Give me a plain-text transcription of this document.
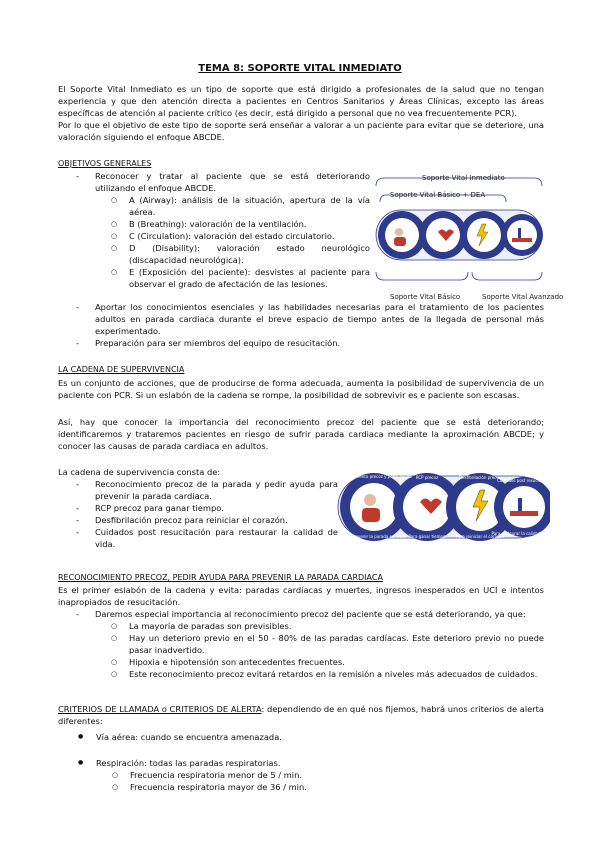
TEMA 8: SOPORTE VITAL INMEDIATO

El Soporte Vital Inmediato es un tipo de soporte que está dirigido a profesionales de la salud que no tengan experiencia y que den atención directa a pacientes en Centros Sanitarios y Áreas Clínicas, excepto las áreas específicas de atención al paciente crítico (es decir, está dirigido a personal que no vea frecuentemente PCR).

Por lo que el objetivo de este tipo de soporte será enseñar a valorar a un paciente para evitar que se deteriore, una valoración siguiendo el enfoque ABCDE.

OBJETIVOS GENERALES
- Reconocer y tratar al paciente que se está deteriorando utilizando el enfoque ABCDE.
○ A (Airway): análisis de la situación, apertura de la vía aérea.
○ B (Breathing): valoración de la ventilación.
○ C (Circulation): valoración del estado circulatorio.
○ D (Disability): valoración estado neurológico (discapacidad neurológica).
○ E (Exposición del paciente): desvistes al paciente para observar el grado de afectación de las lesiones.
- Aportar los conocimientos esenciales y las habilidades necesarias para el tratamiento de los pacientes adultos en parada cardiaca durante el breve espacio de tiempo antes de la llegada de personal más experimentado.
- Preparación para ser miembros del equipo de resucitación.
Soporte Vital Inmediato
Soporte Vital Básico + DEA
Soporte Vital Básico	Soporte Vital Avanzado
LA CADENA DE SUPERVIVENCIA

Es un conjunto de acciones, que de producirse de forma adecuada, aumenta la posibilidad de supervivencia de un paciente con PCR. Si un eslabón de la cadena se rompe, la posibilidad de sobrevivir es e paciente son escasas.

Así, hay que conocer la importancia del reconocimiento precoz del paciente que se está deteriorando; identificaremos y trataremos pacientes en riesgo de sufrir parada cardiaca mediante la aproximación ABCDE; y conocer las causas de parada cardiaca en adultos.

La cadena de supervivencia consta de:

- Reconocimiento precoz de la parada y pedir ayuda para prevenir la parada cardiaca.
- RCP precoz para ganar tiempo.
- Desfibrilación precoz para reiniciar el corazón.
- Cuidados post resucitación para restaurar la calidad de vida.
Reconocimiento precoz y pedir ayuda RCP precoz	Desfibrilación precoz
Cuidados post resucitación
Para prevenir la parada cardiaca Para ganar tiempo	Para reiniciar el corazón
Para restaurar la calidad de vida
RECONOCIMIENTO PRECOZ, PEDIR AYUDA PARA PREVENIR LA PARADA CARDIACA

Es el primer eslabón de la cadena y evita: paradas cardíacas y muertes, ingresos inesperados en UCI e intentos inapropiados de resucitación.

- Daremos especial importancia al reconocimiento precoz del paciente que se está deteriorando, ya que:
○ La mayoría de paradas son previsibles.
○ Hay un deterioro previo en el 50 - 80% de las paradas cardíacas. Este deterioro previo no puede pasar inadvertido.
○ Hipoxia e hipotensión son antecedentes frecuentes.
○ Este reconocimiento precoz evitará retardos en la remisión a niveles más adecuados de cuidados.

CRITERIOS DE LLAMADA o CRITERIOS DE ALERTA: dependiendo de en qué nos fijemos, habrá unos criterios de alerta diferentes:

● Vía aérea: cuando se encuentra amenazada.
● Respiración: todas las paradas respiratorias.
○ Frecuencia respiratoria menor de 5 / min.
○ Frecuencia respiratoria mayor de 36 / min.
